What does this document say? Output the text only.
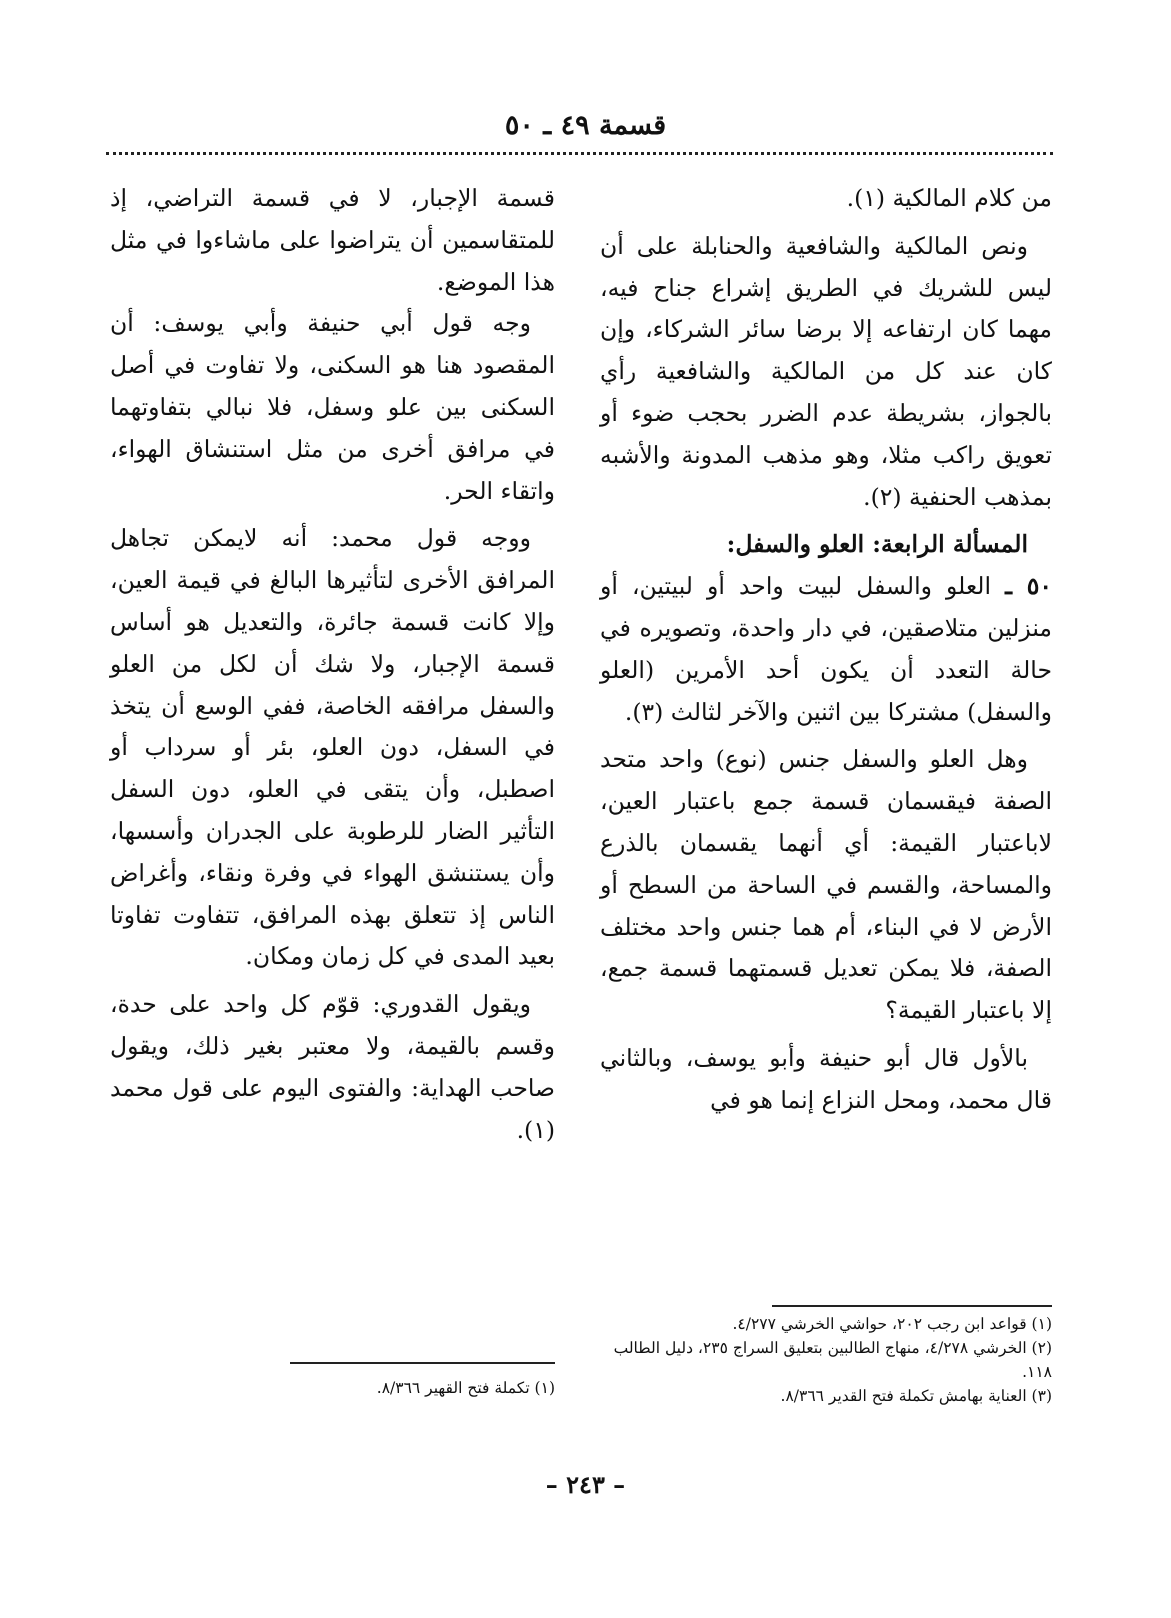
قسمة ٤٩ ـ ٥٠

من كلام المالكية (١).

ونص المالكية والشافعية والحنابلة على أن ليس للشريك في الطريق إشراع جناح فيه، مهما كان ارتفاعه إلا برضا سائر الشركاء، وإن كان عند كل من المالكية والشافعية رأي بالجواز، بشريطة عدم الضرر بحجب ضوء أو تعويق راكب مثلا، وهو مذهب المدونة والأشبه بمذهب الحنفية (٢).

المسألة الرابعة: العلو والسفل:

٥٠ ـ العلو والسفل لبيت واحد أو لبيتين، أو منزلين متلاصقين، في دار واحدة، وتصويره في حالة التعدد أن يكون أحد الأمرين (العلو والسفل) مشتركا بين اثنين والآخر لثالث (٣).

وهل العلو والسفل جنس (نوع) واحد متحد الصفة فيقسمان قسمة جمع باعتبار العين، لاباعتبار القيمة: أي أنهما يقسمان بالذرع والمساحة، والقسم في الساحة من السطح أو الأرض لا في البناء، أم هما جنس واحد مختلف الصفة، فلا يمكن تعديل قسمتهما قسمة جمع، إلا باعتبار القيمة؟

بالأول قال أبو حنيفة وأبو يوسف، وبالثاني قال محمد، ومحل النزاع إنما هو في

قسمة الإجبار، لا في قسمة التراضي، إذ للمتقاسمين أن يتراضوا على ماشاءوا في مثل هذا الموضع.

وجه قول أبي حنيفة وأبي يوسف: أن المقصود هنا هو السكنى، ولا تفاوت في أصل السكنى بين علو وسفل، فلا نبالي بتفاوتهما في مرافق أخرى من مثل استنشاق الهواء، واتقاء الحر.

ووجه قول محمد: أنه لايمكن تجاهل المرافق الأخرى لتأثيرها البالغ في قيمة العين، وإلا كانت قسمة جائرة، والتعديل هو أساس قسمة الإجبار، ولا شك أن لكل من العلو والسفل مرافقه الخاصة، ففي الوسع أن يتخذ في السفل، دون العلو، بئر أو سرداب أو اصطبل، وأن يتقى في العلو، دون السفل التأثير الضار للرطوبة على الجدران وأسسها، وأن يستنشق الهواء في وفرة ونقاء، وأغراض الناس إذ تتعلق بهذه المرافق، تتفاوت تفاوتا بعيد المدى في كل زمان ومكان.

ويقول القدوري: قوّم كل واحد على حدة، وقسم بالقيمة، ولا معتبر بغير ذلك، ويقول صاحب الهداية: والفتوى اليوم على قول محمد (١).

(١) قواعد ابن رجب ٢٠٢، حواشي الخرشي ٤/٢٧٧.

(٢) الخرشي ٤/٢٧٨، منهاج الطالبين بتعليق السراج ٢٣٥، دليل الطالب ١١٨.

(٣) العناية بهامش تكملة فتح القدير ٨/٣٦٦.

(١) تكملة فتح القهير ٨/٣٦٦.

– ٢٤٣ –
